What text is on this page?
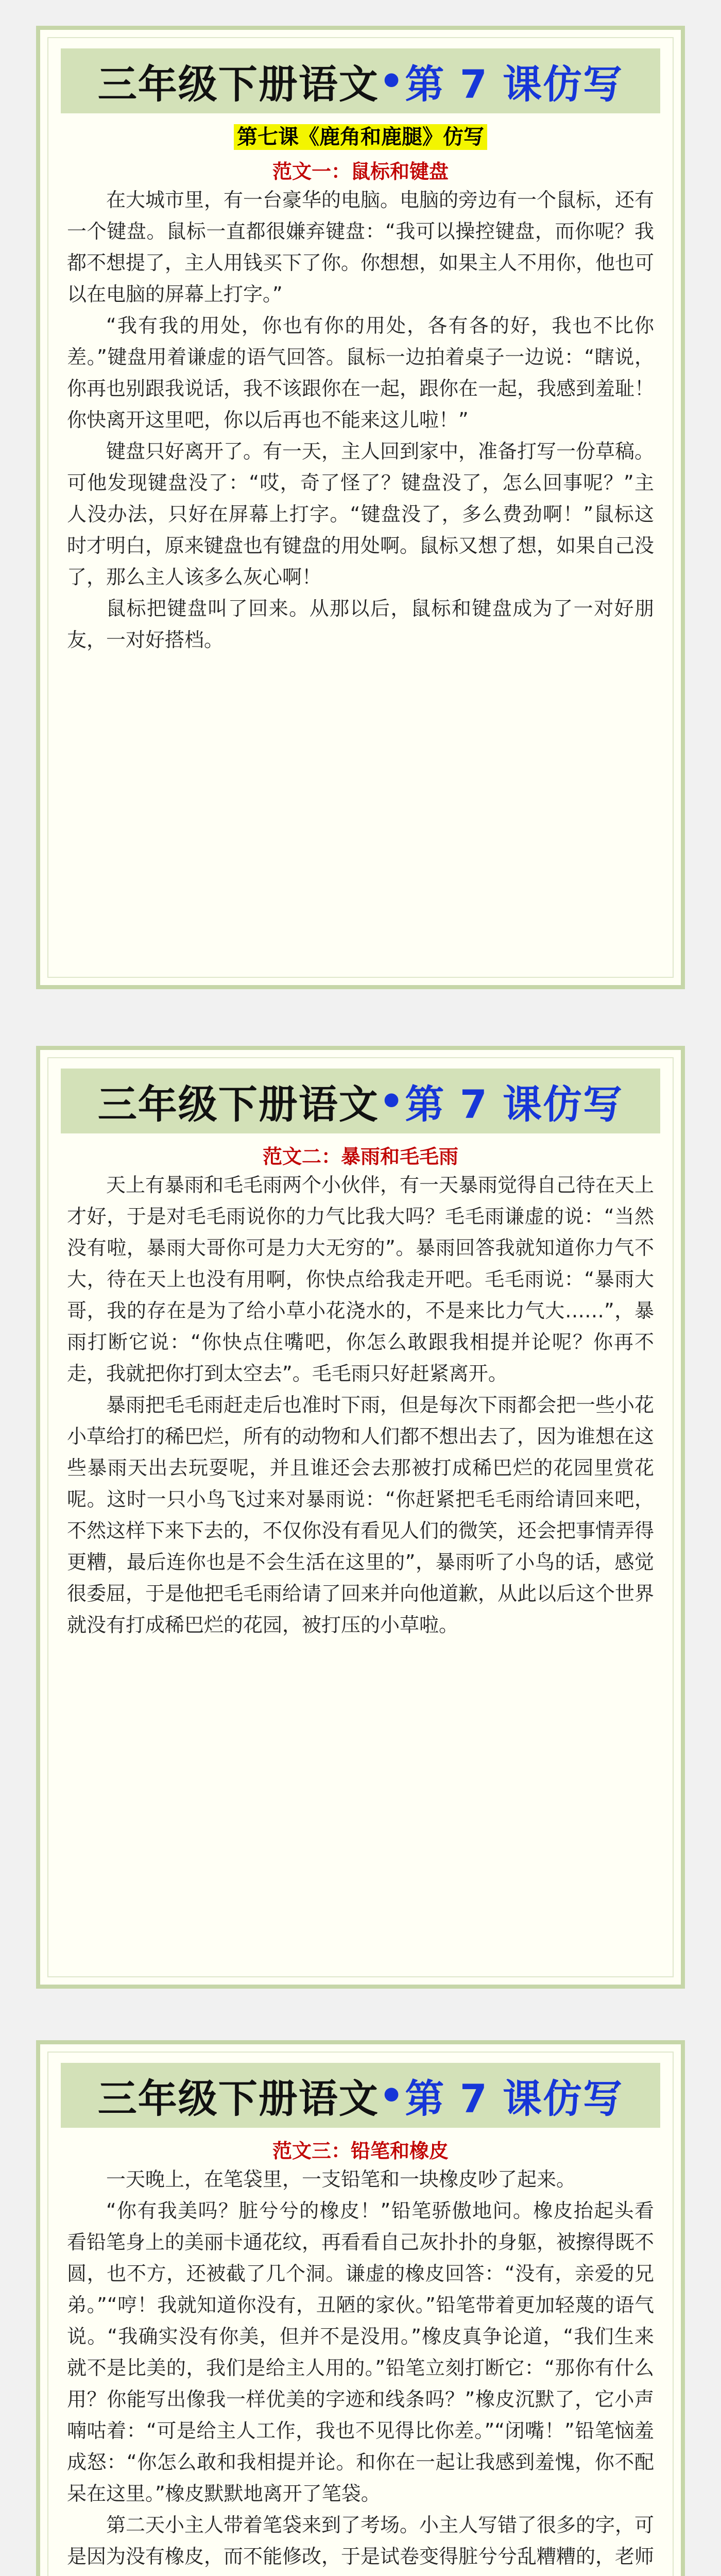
三年级下册语文 • 第 7 课仿写
第七课《鹿角和鹿腿》仿写
范文一：鼠标和键盘

在大城市里，有一台豪华的电脑。电脑的旁边有一个鼠标，还有一个键盘。鼠标一直都很嫌弃键盘：“我可以操控键盘，而你呢？我都不想提了，主人用钱买下了你。你想想，如果主人不用你，他也可以在电脑的屏幕上打字。”

“我有我的用处，你也有你的用处，各有各的好，我也不比你差。”键盘用着谦虚的语气回答。鼠标一边拍着桌子一边说：“瞎说，你再也别跟我说话，我不该跟你在一起，跟你在一起，我感到羞耻！你快离开这里吧，你以后再也不能来这儿啦！”

键盘只好离开了。有一天，主人回到家中，准备打写一份草稿。可他发现键盘没了：“哎，奇了怪了？键盘没了，怎么回事呢？”主人没办法，只好在屏幕上打字。“键盘没了，多么费劲啊！”鼠标这时才明白，原来键盘也有键盘的用处啊。鼠标又想了想，如果自己没了，那么主人该多么灰心啊！

鼠标把键盘叫了回来。从那以后，鼠标和键盘成为了一对好朋友，一对好搭档。

三年级下册语文 • 第 7 课仿写
范文二：暴雨和毛毛雨

天上有暴雨和毛毛雨两个小伙伴，有一天暴雨觉得自己待在天上才好，于是对毛毛雨说你的力气比我大吗？毛毛雨谦虚的说：“当然没有啦，暴雨大哥你可是力大无穷的”。暴雨回答我就知道你力气不大，待在天上也没有用啊，你快点给我走开吧。毛毛雨说：“暴雨大哥，我的存在是为了给小草小花浇水的，不是来比力气大……”，暴雨打断它说：“你快点住嘴吧，你怎么敢跟我相提并论呢？你再不走，我就把你打到太空去”。毛毛雨只好赶紧离开。

暴雨把毛毛雨赶走后也准时下雨，但是每次下雨都会把一些小花小草给打的稀巴烂，所有的动物和人们都不想出去了，因为谁想在这些暴雨天出去玩耍呢，并且谁还会去那被打成稀巴烂的花园里赏花呢。这时一只小鸟飞过来对暴雨说：“你赶紧把毛毛雨给请回来吧，不然这样下来下去的，不仅你没有看见人们的微笑，还会把事情弄得更糟，最后连你也是不会生活在这里的”，暴雨听了小鸟的话，感觉很委屈，于是他把毛毛雨给请了回来并向他道歉，从此以后这个世界就没有打成稀巴烂的花园，被打压的小草啦。

三年级下册语文 • 第 7 课仿写
范文三：铅笔和橡皮

一天晚上，在笔袋里，一支铅笔和一块橡皮吵了起来。

“你有我美吗？脏兮兮的橡皮！”铅笔骄傲地问。橡皮抬起头看看铅笔身上的美丽卡通花纹，再看看自己灰扑扑的身躯，被擦得既不圆，也不方，还被截了几个洞。谦虚的橡皮回答：“没有，亲爱的兄弟。”“哼！我就知道你没有，丑陋的家伙。”铅笔带着更加轻蔑的语气说。“我确实没有你美，但并不是没用。”橡皮真争论道，“我们生来就不是比美的，我们是给主人用的。”铅笔立刻打断它：“那你有什么用？你能写出像我一样优美的字迹和线条吗？”橡皮沉默了，它小声喃咕着：“可是给主人工作，我也不见得比你差。”“闭嘴！”铅笔恼羞成怒：“你怎么敢和我相提并论。和你在一起让我感到羞愧，你不配呆在这里。”橡皮默默地离开了笔袋。

第二天小主人带着笔袋来到了考场。小主人写错了很多的字，可是因为没有橡皮，而不能修改，于是试卷变得脏兮兮乱糟糟的，老师
